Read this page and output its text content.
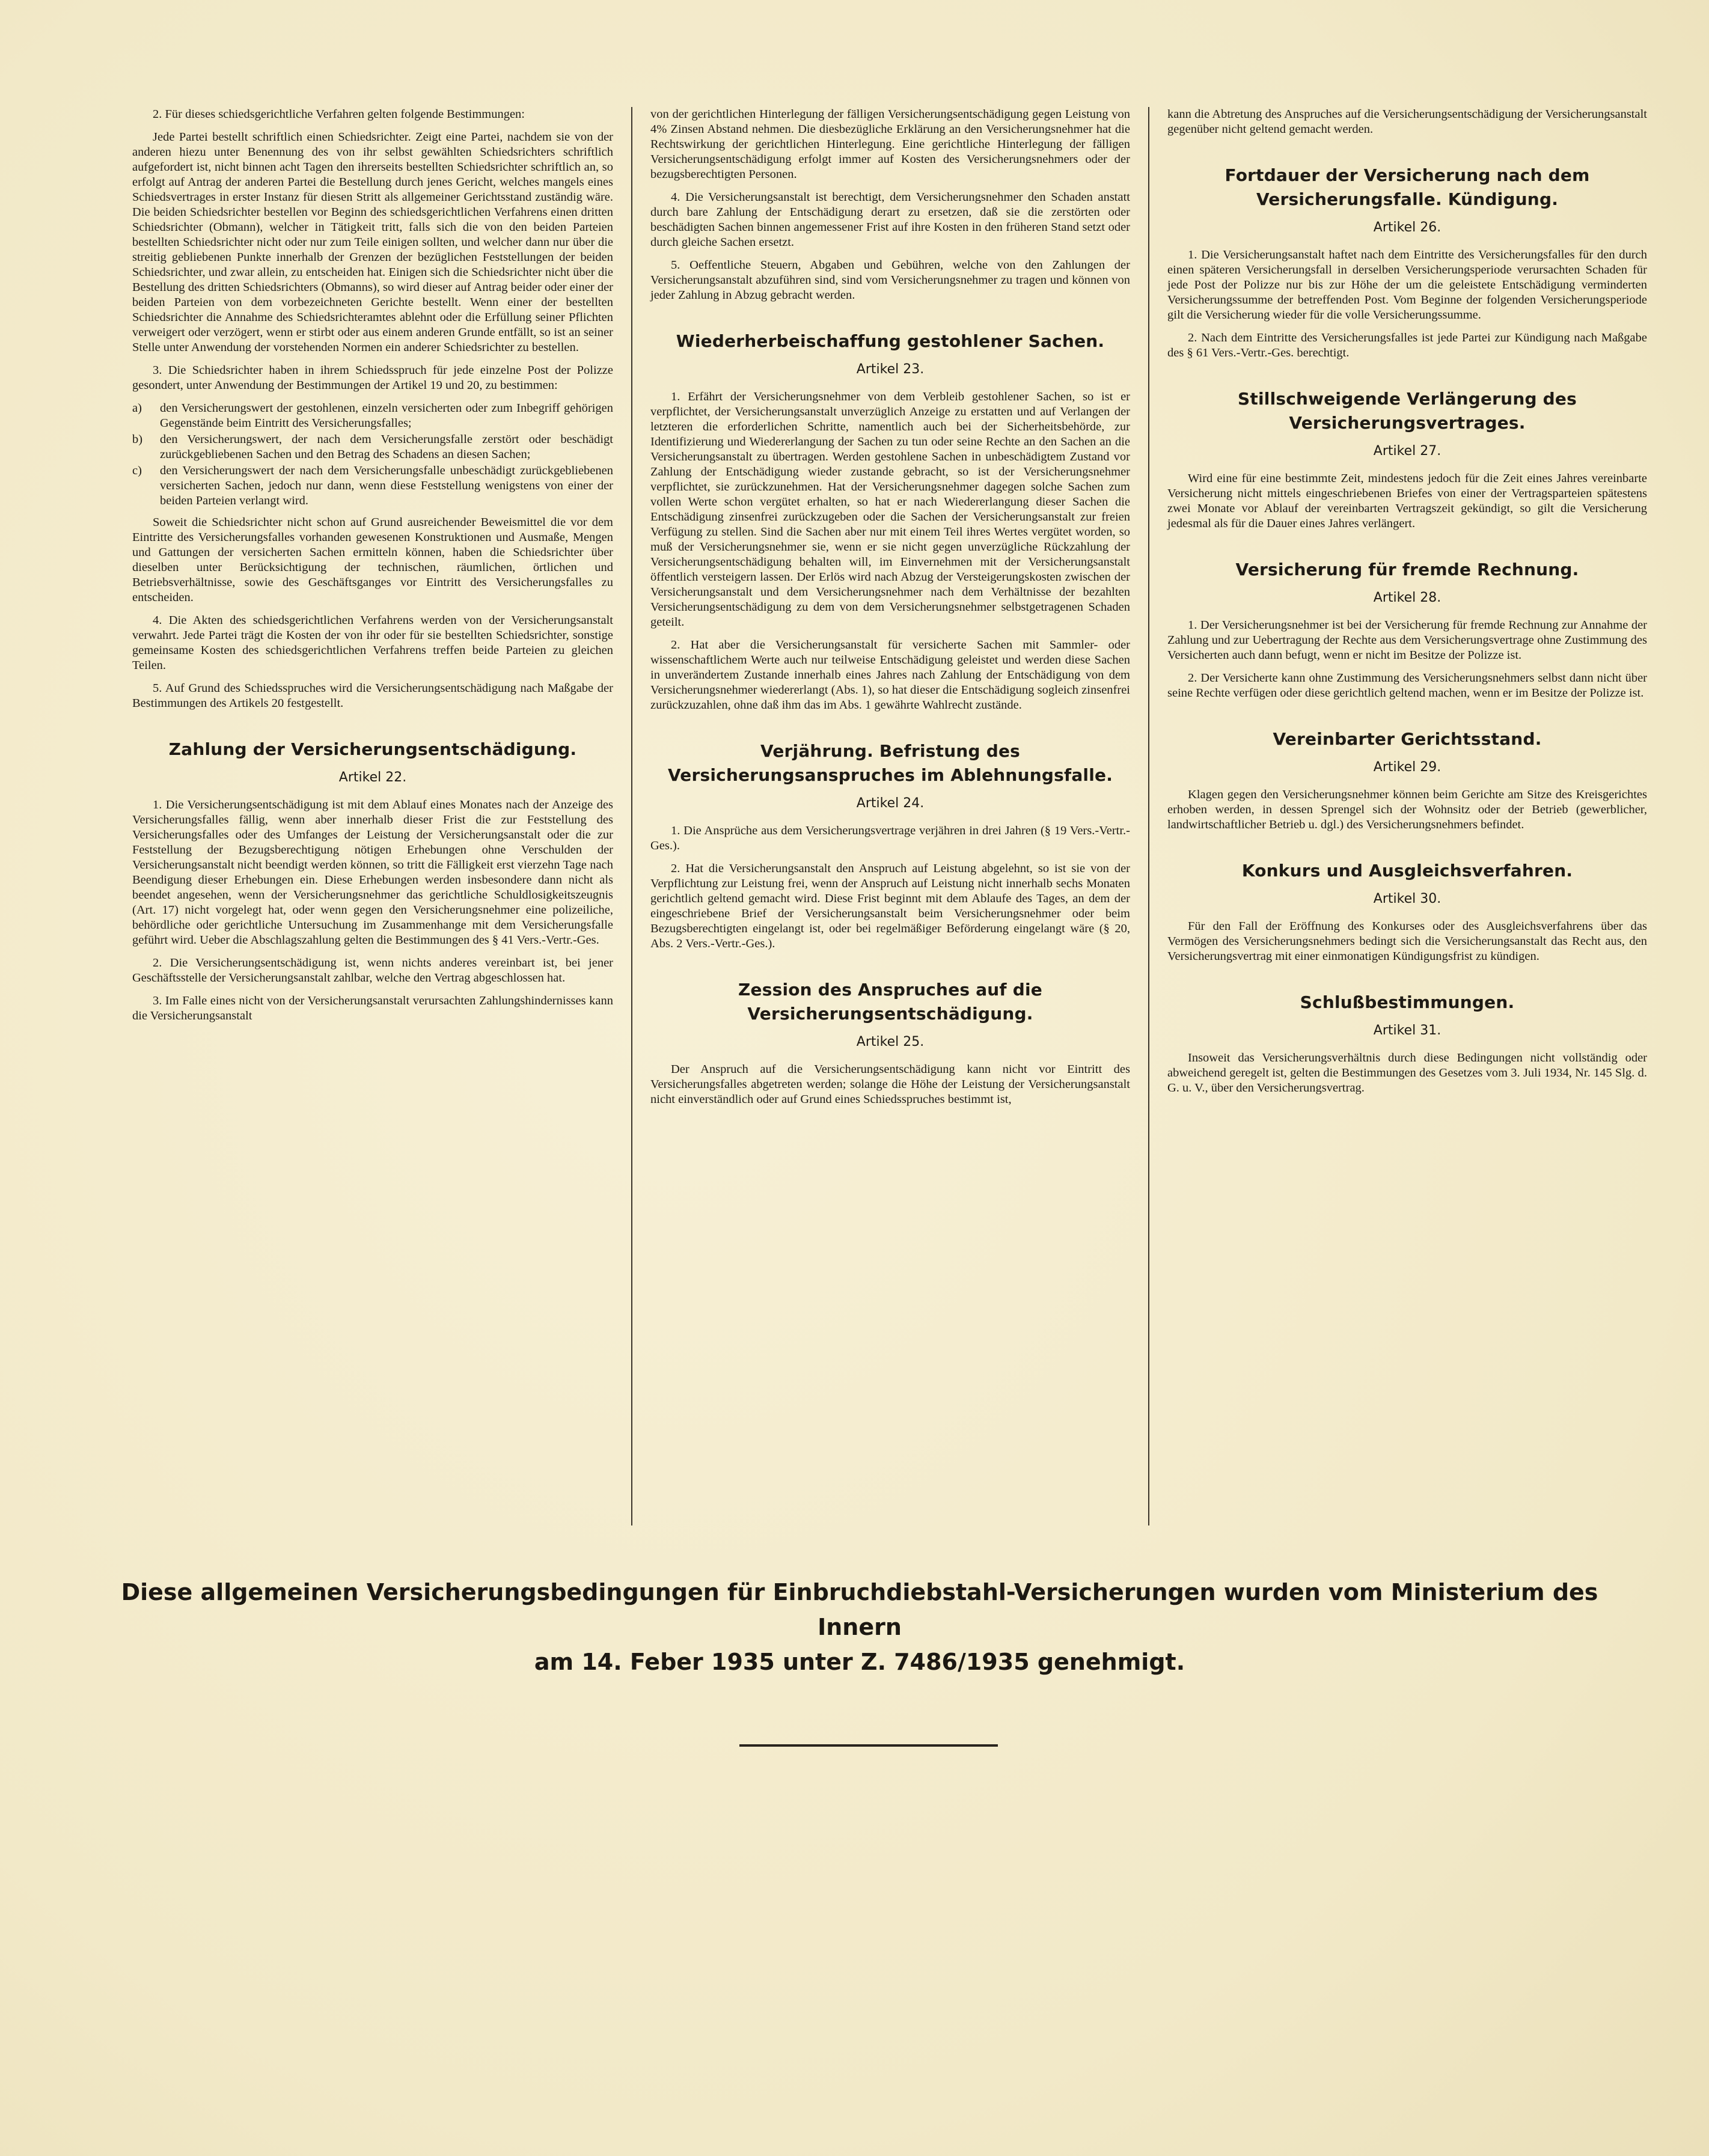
2. Für dieses schiedsgerichtliche Verfahren gelten folgende Bestimmungen:

Jede Partei bestellt schriftlich einen Schiedsrichter. Zeigt eine Partei, nachdem sie von der anderen hiezu unter Benennung des von ihr selbst gewählten Schiedsrichters schriftlich aufgefordert ist, nicht binnen acht Tagen den ihrerseits bestellten Schiedsrichter schriftlich an, so erfolgt auf Antrag der anderen Partei die Bestellung durch jenes Gericht, welches mangels eines Schiedsvertrages in erster Instanz für diesen Stritt als allgemeiner Gerichtsstand zuständig wäre. Die beiden Schiedsrichter bestellen vor Beginn des schiedsgerichtlichen Verfahrens einen dritten Schiedsrichter (Obmann), welcher in Tätigkeit tritt, falls sich die von den beiden Parteien bestellten Schiedsrichter nicht oder nur zum Teile einigen sollten, und welcher dann nur über die streitig gebliebenen Punkte innerhalb der Grenzen der bezüglichen Feststellungen der beiden Schiedsrichter, und zwar allein, zu entscheiden hat. Einigen sich die Schiedsrichter nicht über die Bestellung des dritten Schiedsrichters (Obmanns), so wird dieser auf Antrag beider oder einer der beiden Parteien von dem vorbezeichneten Gerichte bestellt. Wenn einer der bestellten Schiedsrichter die Annahme des Schiedsrichteramtes ablehnt oder die Erfüllung seiner Pflichten verweigert oder verzögert, wenn er stirbt oder aus einem anderen Grunde entfällt, so ist an seiner Stelle unter Anwendung der vorstehenden Normen ein anderer Schiedsrichter zu bestellen.

3. Die Schiedsrichter haben in ihrem Schiedsspruch für jede einzelne Post der Polizze gesondert, unter Anwendung der Bestimmungen der Artikel 19 und 20, zu bestimmen:

a) den Versicherungswert der gestohlenen, einzeln versicherten oder zum Inbegriff gehörigen Gegenstände beim Eintritt des Versicherungsfalles;

b) den Versicherungswert, der nach dem Versicherungsfalle zerstört oder beschädigt zurückgebliebenen Sachen und den Betrag des Schadens an diesen Sachen;

c) den Versicherungswert der nach dem Versicherungsfalle unbeschädigt zurückgebliebenen versicherten Sachen, jedoch nur dann, wenn diese Feststellung wenigstens von einer der beiden Parteien verlangt wird.

Soweit die Schiedsrichter nicht schon auf Grund ausreichender Beweismittel die vor dem Eintritte des Versicherungsfalles vorhanden gewesenen Konstruktionen und Ausmaße, Mengen und Gattungen der versicherten Sachen ermitteln können, haben die Schiedsrichter über dieselben unter Berücksichtigung der technischen, räumlichen, örtlichen und Betriebsverhältnisse, sowie des Geschäftsganges vor Eintritt des Versicherungsfalles zu entscheiden.

4. Die Akten des schiedsgerichtlichen Verfahrens werden von der Versicherungsanstalt verwahrt. Jede Partei trägt die Kosten der von ihr oder für sie bestellten Schiedsrichter, sonstige gemeinsame Kosten des schiedsgerichtlichen Verfahrens treffen beide Parteien zu gleichen Teilen.

5. Auf Grund des Schiedsspruches wird die Versicherungsentschädigung nach Maßgabe der Bestimmungen des Artikels 20 festgestellt.

Zahlung der Versicherungsentschädigung.
Artikel 22.

1. Die Versicherungsentschädigung ist mit dem Ablauf eines Monates nach der Anzeige des Versicherungsfalles fällig, wenn aber innerhalb dieser Frist die zur Feststellung des Versicherungsfalles oder des Umfanges der Leistung der Versicherungsanstalt oder die zur Feststellung der Bezugsberechtigung nötigen Erhebungen ohne Verschulden der Versicherungsanstalt nicht beendigt werden können, so tritt die Fälligkeit erst vierzehn Tage nach Beendigung dieser Erhebungen ein. Diese Erhebungen werden insbesondere dann nicht als beendet angesehen, wenn der Versicherungsnehmer das gerichtliche Schuldlosigkeitszeugnis (Art. 17) nicht vorgelegt hat, oder wenn gegen den Versicherungsnehmer eine polizeiliche, behördliche oder gerichtliche Untersuchung im Zusammenhange mit dem Versicherungsfalle geführt wird. Ueber die Abschlagszahlung gelten die Bestimmungen des § 41 Vers.-Vertr.-Ges.

2. Die Versicherungsentschädigung ist, wenn nichts anderes vereinbart ist, bei jener Geschäftsstelle der Versicherungsanstalt zahlbar, welche den Vertrag abgeschlossen hat.

3. Im Falle eines nicht von der Versicherungsanstalt verursachten Zahlungshindernisses kann die Versicherungsanstalt

von der gerichtlichen Hinterlegung der fälligen Versicherungsentschädigung gegen Leistung von 4% Zinsen Abstand nehmen. Die diesbezügliche Erklärung an den Versicherungsnehmer hat die Rechtswirkung der gerichtlichen Hinterlegung. Eine gerichtliche Hinterlegung der fälligen Versicherungsentschädigung erfolgt immer auf Kosten des Versicherungsnehmers oder der bezugsberechtigten Personen.

4. Die Versicherungsanstalt ist berechtigt, dem Versicherungsnehmer den Schaden anstatt durch bare Zahlung der Entschädigung derart zu ersetzen, daß sie die zerstörten oder beschädigten Sachen binnen angemessener Frist auf ihre Kosten in den früheren Stand setzt oder durch gleiche Sachen ersetzt.

5. Oeffentliche Steuern, Abgaben und Gebühren, welche von den Zahlungen der Versicherungsanstalt abzuführen sind, sind vom Versicherungsnehmer zu tragen und können von jeder Zahlung in Abzug gebracht werden.

Wiederherbeischaffung gestohlener Sachen.
Artikel 23.

1. Erfährt der Versicherungsnehmer von dem Verbleib gestohlener Sachen, so ist er verpflichtet, der Versicherungsanstalt unverzüglich Anzeige zu erstatten und auf Verlangen der letzteren die erforderlichen Schritte, namentlich auch bei der Sicherheitsbehörde, zur Identifizierung und Wiedererlangung der Sachen zu tun oder seine Rechte an den Sachen an die Versicherungsanstalt zu übertragen. Werden gestohlene Sachen in unbeschädigtem Zustand vor Zahlung der Entschädigung wieder zustande gebracht, so ist der Versicherungsnehmer verpflichtet, sie zurückzunehmen. Hat der Versicherungsnehmer dagegen solche Sachen zum vollen Werte schon vergütet erhalten, so hat er nach Wiedererlangung dieser Sachen die Entschädigung zinsenfrei zurückzugeben oder die Sachen der Versicherungsanstalt zur freien Verfügung zu stellen. Sind die Sachen aber nur mit einem Teil ihres Wertes vergütet worden, so muß der Versicherungsnehmer sie, wenn er sie nicht gegen unverzügliche Rückzahlung der Versicherungsentschädigung behalten will, im Einvernehmen mit der Versicherungsanstalt öffentlich versteigern lassen. Der Erlös wird nach Abzug der Versteigerungskosten zwischen der Versicherungsanstalt und dem Versicherungsnehmer nach dem Verhältnisse der bezahlten Versicherungsentschädigung zu dem von dem Versicherungsnehmer selbstgetragenen Schaden geteilt.

2. Hat aber die Versicherungsanstalt für versicherte Sachen mit Sammler- oder wissenschaftlichem Werte auch nur teilweise Entschädigung geleistet und werden diese Sachen in unverändertem Zustande innerhalb eines Jahres nach Zahlung der Entschädigung von dem Versicherungsnehmer wiedererlangt (Abs. 1), so hat dieser die Entschädigung sogleich zinsenfrei zurückzuzahlen, ohne daß ihm das im Abs. 1 gewährte Wahlrecht zustände.

Verjährung. Befristung des Versicherungsanspruches im Ablehnungsfalle.
Artikel 24.

1. Die Ansprüche aus dem Versicherungsvertrage verjähren in drei Jahren (§ 19 Vers.-Vertr.-Ges.).

2. Hat die Versicherungsanstalt den Anspruch auf Leistung abgelehnt, so ist sie von der Verpflichtung zur Leistung frei, wenn der Anspruch auf Leistung nicht innerhalb sechs Monaten gerichtlich geltend gemacht wird. Diese Frist beginnt mit dem Ablaufe des Tages, an dem der eingeschriebene Brief der Versicherungsanstalt beim Versicherungsnehmer oder beim Bezugsberechtigten eingelangt ist, oder bei regelmäßiger Beförderung eingelangt wäre (§ 20, Abs. 2 Vers.-Vertr.-Ges.).

Zession des Anspruches auf die Versicherungsentschädigung.
Artikel 25.

Der Anspruch auf die Versicherungsentschädigung kann nicht vor Eintritt des Versicherungsfalles abgetreten werden; solange die Höhe der Leistung der Versicherungsanstalt nicht einverständlich oder auf Grund eines Schiedsspruches bestimmt ist,

kann die Abtretung des Anspruches auf die Versicherungsentschädigung der Versicherungsanstalt gegenüber nicht geltend gemacht werden.

Fortdauer der Versicherung nach dem Versicherungsfalle. Kündigung.
Artikel 26.

1. Die Versicherungsanstalt haftet nach dem Eintritte des Versicherungsfalles für den durch einen späteren Versicherungsfall in derselben Versicherungsperiode verursachten Schaden für jede Post der Polizze nur bis zur Höhe der um die geleistete Entschädigung verminderten Versicherungssumme der betreffenden Post. Vom Beginne der folgenden Versicherungsperiode gilt die Versicherung wieder für die volle Versicherungssumme.

2. Nach dem Eintritte des Versicherungsfalles ist jede Partei zur Kündigung nach Maßgabe des § 61 Vers.-Vertr.-Ges. berechtigt.

Stillschweigende Verlängerung des Versicherungsvertrages.
Artikel 27.

Wird eine für eine bestimmte Zeit, mindestens jedoch für die Zeit eines Jahres vereinbarte Versicherung nicht mittels eingeschriebenen Briefes von einer der Vertragsparteien spätestens zwei Monate vor Ablauf der vereinbarten Vertragszeit gekündigt, so gilt die Versicherung jedesmal als für die Dauer eines Jahres verlängert.

Versicherung für fremde Rechnung.
Artikel 28.

1. Der Versicherungsnehmer ist bei der Versicherung für fremde Rechnung zur Annahme der Zahlung und zur Uebertragung der Rechte aus dem Versicherungsvertrage ohne Zustimmung des Versicherten auch dann befugt, wenn er nicht im Besitze der Polizze ist.

2. Der Versicherte kann ohne Zustimmung des Versicherungsnehmers selbst dann nicht über seine Rechte verfügen oder diese gerichtlich geltend machen, wenn er im Besitze der Polizze ist.

Vereinbarter Gerichtsstand.
Artikel 29.

Klagen gegen den Versicherungsnehmer können beim Gerichte am Sitze des Kreisgerichtes erhoben werden, in dessen Sprengel sich der Wohnsitz oder der Betrieb (gewerblicher, landwirtschaftlicher Betrieb u. dgl.) des Versicherungsnehmers befindet.

Konkurs und Ausgleichsverfahren.
Artikel 30.

Für den Fall der Eröffnung des Konkurses oder des Ausgleichsverfahrens über das Vermögen des Versicherungsnehmers bedingt sich die Versicherungsanstalt das Recht aus, den Versicherungsvertrag mit einer einmonatigen Kündigungsfrist zu kündigen.

Schlußbestimmungen.
Artikel 31.

Insoweit das Versicherungsverhältnis durch diese Bedingungen nicht vollständig oder abweichend geregelt ist, gelten die Bestimmungen des Gesetzes vom 3. Juli 1934, Nr. 145 Slg. d. G. u. V., über den Versicherungsvertrag.

Diese allgemeinen Versicherungsbedingungen für Einbruchdiebstahl-Versicherungen wurden vom Ministerium des Innern
am 14. Feber 1935 unter Z. 7486/1935 genehmigt.
